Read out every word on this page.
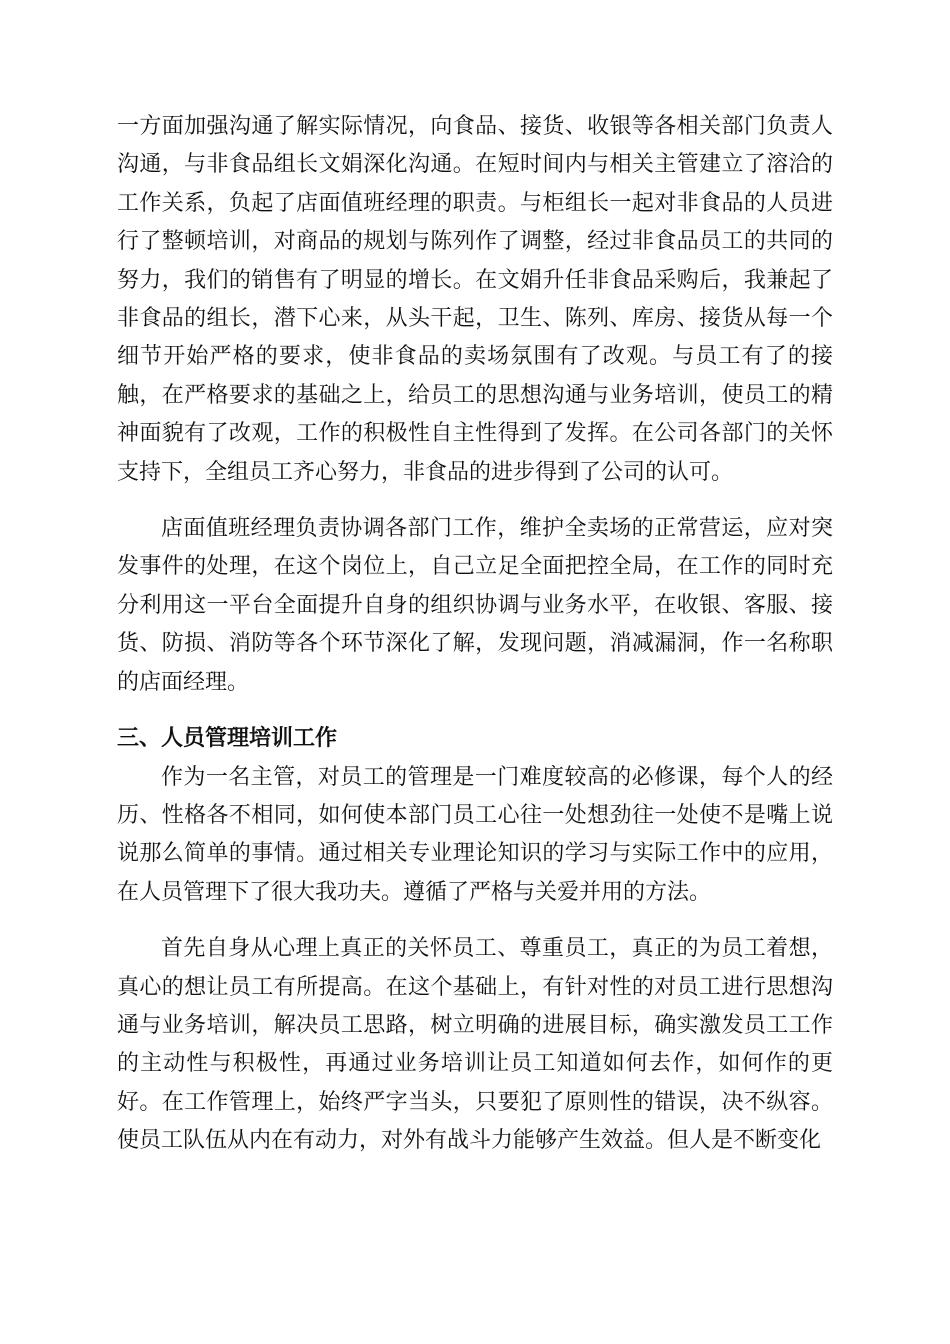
一方面加强沟通了解实际情况，向食品、接货、收银等各相关部门负责人沟通，与非食品组长文娟深化沟通。在短时间内与相关主管建立了溶洽的工作关系，负起了店面值班经理的职责。与柜组长一起对非食品的人员进行了整顿培训，对商品的规划与陈列作了调整，经过非食品员工的共同的努力，我们的销售有了明显的增长。在文娟升任非食品采购后，我兼起了非食品的组长，潜下心来，从头干起，卫生、陈列、库房、接货从每一个细节开始严格的要求，使非食品的卖场氛围有了改观。与员工有了的接触，在严格要求的基础之上，给员工的思想沟通与业务培训，使员工的精神面貌有了改观，工作的积极性自主性得到了发挥。在公司各部门的关怀支持下，全组员工齐心努力，非食品的进步得到了公司的认可。

店面值班经理负责协调各部门工作，维护全卖场的正常营运，应对突发事件的处理，在这个岗位上，自己立足全面把控全局，在工作的同时充分利用这一平台全面提升自身的组织协调与业务水平，在收银、客服、接货、防损、消防等各个环节深化了解，发现问题，消减漏洞，作一名称职的店面经理。

三、人员管理培训工作

作为一名主管，对员工的管理是一门难度较高的必修课，每个人的经历、性格各不相同，如何使本部门员工心往一处想劲往一处使不是嘴上说说那么简单的事情。通过相关专业理论知识的学习与实际工作中的应用，在人员管理下了很大我功夫。遵循了严格与关爱并用的方法。

首先自身从心理上真正的关怀员工、尊重员工，真正的为员工着想，真心的想让员工有所提高。在这个基础上，有针对性的对员工进行思想沟通与业务培训，解决员工思路，树立明确的进展目标，确实激发员工工作的主动性与积极性，再通过业务培训让员工知道如何去作，如何作的更好。在工作管理上，始终严字当头，只要犯了原则性的错误，决不纵容。使员工队伍从内在有动力，对外有战斗力能够产生效益。但人是不断变化
